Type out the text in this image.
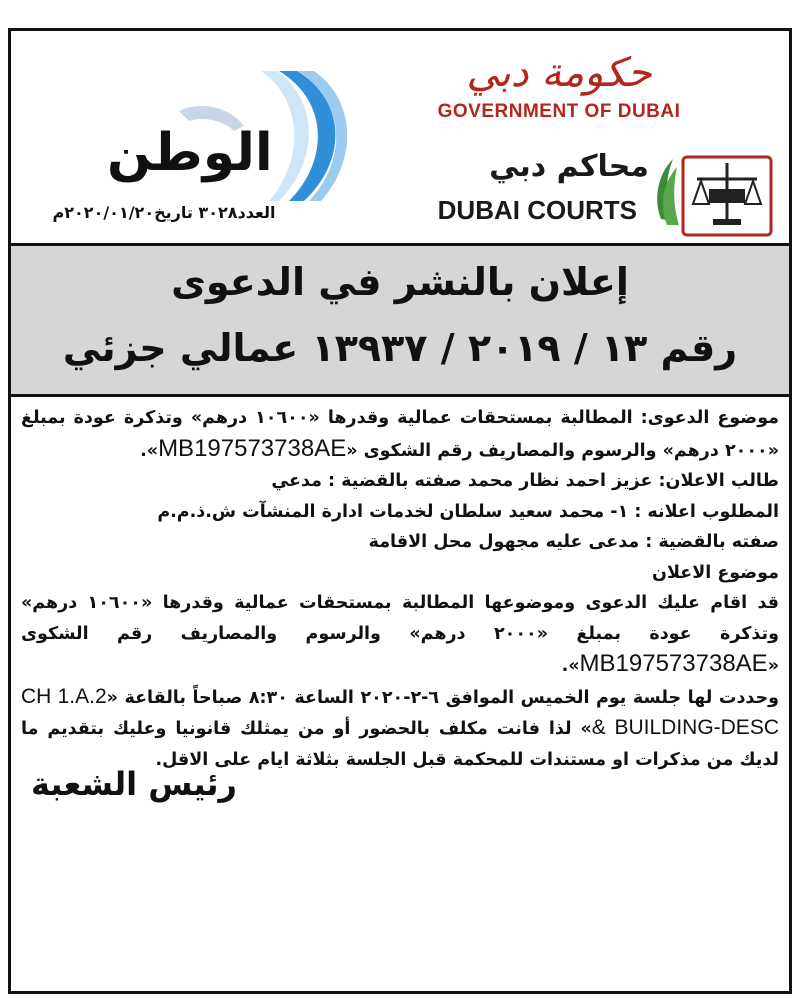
الوطن
العدد٣٠٢٨ تاريخ٢٠٢٠/٠١/٢٠م
حكومة دبي
GOVERNMENT OF DUBAI
محاكم دبي
DUBAI COURTS
إعلان بالنشر في الدعوى
رقم ١٣ / ٢٠١٩ / ١٣٩٣٧ عمالي جزئي

موضوع الدعوى: المطالبة بمستحقات عمالية وقدرها «١٠٦٠٠ درهم» وتذكرة عودة بمبلغ «٢٠٠٠ درهم» والرسوم والمصاريف رقم الشكوى «MB197573738AE».

طالب الاعلان: عزيز احمد نظار محمد صفته بالقضية : مدعي

المطلوب اعلانه : ١- محمد سعيد سلطان لخدمات ادارة المنشآت ش.ذ.م.م

صفته بالقضية : مدعى عليه مجهول محل الاقامة

موضوع الاعلان

قد اقام عليك الدعوى وموضوعها المطالبة بمستحقات عمالية وقدرها «١٠٦٠٠ درهم» وتذكرة عودة بمبلغ «٢٠٠٠ درهم» والرسوم والمصاريف رقم الشكوى «MB197573738AE».

وحددت لها جلسة يوم الخميس الموافق ٦-٢-٢٠٢٠ الساعة ٨:٣٠ صباحاً بالقاعة «CH 1.A.2 & BUILDING-DESC» لذا فانت مكلف بالحضور أو من يمثلك قانونيا وعليك بتقديم ما لديك من مذكرات او مستندات للمحكمة قبل الجلسة بثلاثة ايام على الاقل.

رئيس الشعبة
